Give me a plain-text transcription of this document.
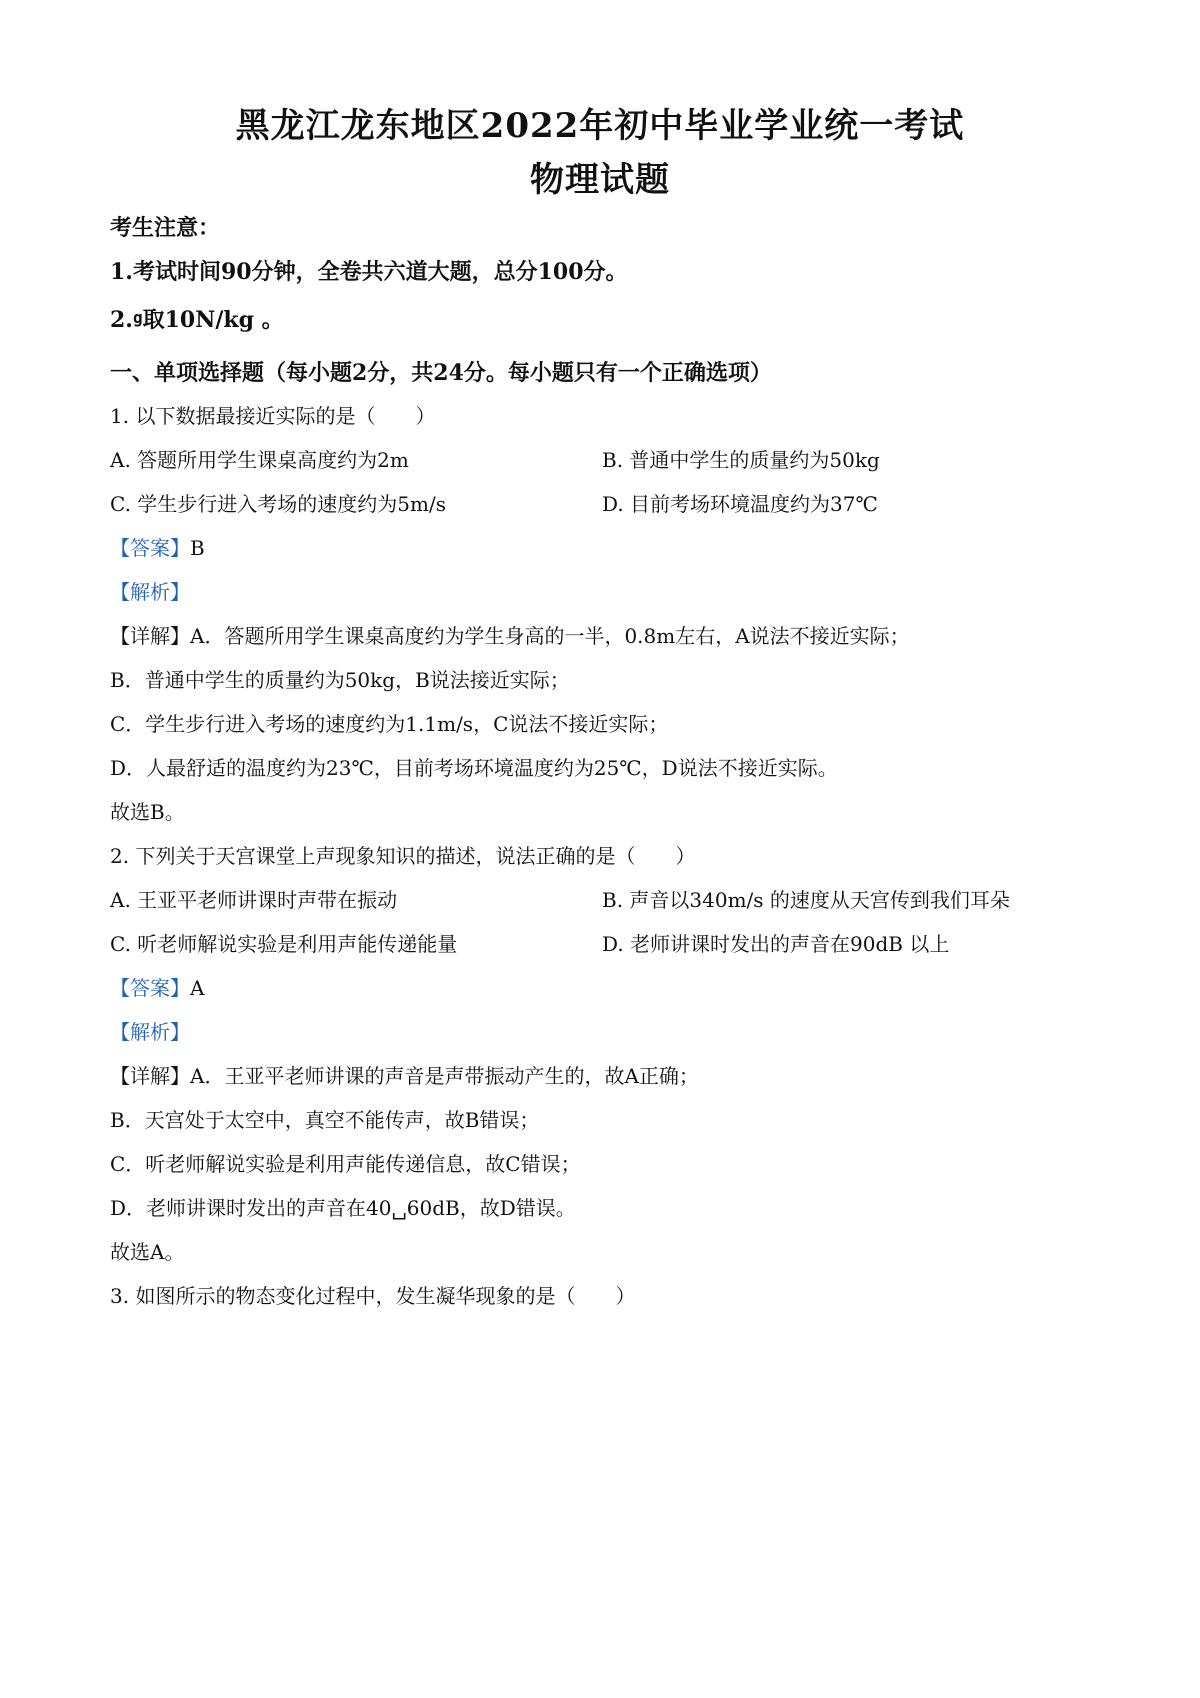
黑龙江龙东地区2022年初中毕业学业统一考试
物理试题
考生注意：
1.考试时间90分钟，全卷共六道大题，总分100分。
2.g取10N/kg 。
一、单项选择题（每小题2分，共24分。每小题只有一个正确选项）
1. 以下数据最接近实际的是（　　）
A. 答题所用学生课桌高度约为2m	B. 普通中学生的质量约为50kg
C. 学生步行进入考场的速度约为5m/s	D. 目前考场环境温度约为37℃
【答案】B
【解析】
【详解】A．答题所用学生课桌高度约为学生身高的一半，0.8m左右，A说法不接近实际；
B．普通中学生的质量约为50kg，B说法接近实际；
C．学生步行进入考场的速度约为1.1m/s，C说法不接近实际；
D．人最舒适的温度约为23℃，目前考场环境温度约为25℃，D说法不接近实际。
故选B。
2. 下列关于天宫课堂上声现象知识的描述，说法正确的是（　　）
A. 王亚平老师讲课时声带在振动	B. 声音以340m/s 的速度从天宫传到我们耳朵
C. 听老师解说实验是利用声能传递能量	D. 老师讲课时发出的声音在90dB 以上
【答案】A
【解析】
【详解】A．王亚平老师讲课的声音是声带振动产生的，故A正确；
B．天宫处于太空中，真空不能传声，故B错误；
C．听老师解说实验是利用声能传递信息，故C错误；
D．老师讲课时发出的声音在40␣60dB，故D错误。
故选A。
3. 如图所示的物态变化过程中，发生凝华现象的是（　　）
